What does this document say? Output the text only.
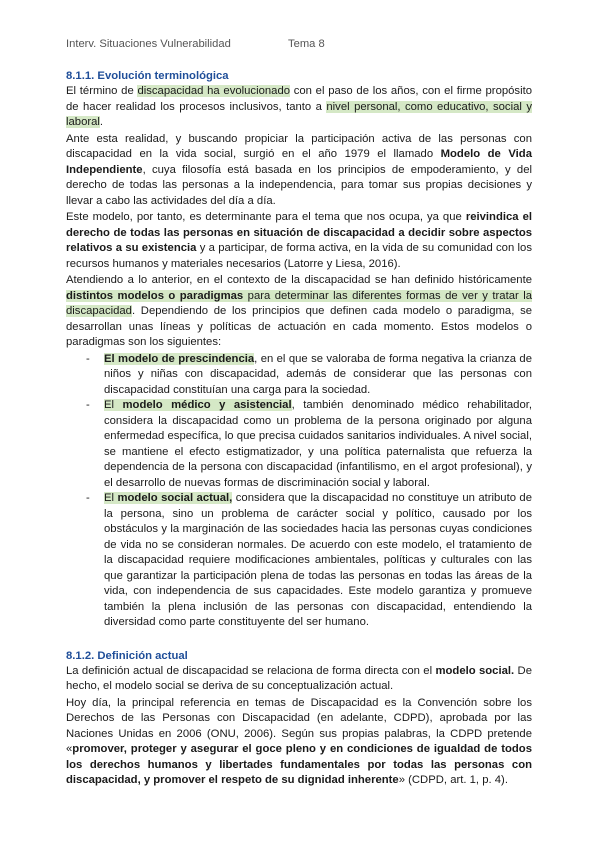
Interv. Situaciones Vulnerabilidad	Tema 8
8.1.1. Evolución terminológica

El término de discapacidad ha evolucionado con el paso de los años, con el firme propósito de hacer realidad los procesos inclusivos, tanto a nivel personal, como educativo, social y laboral.

Ante esta realidad, y buscando propiciar la participación activa de las personas con discapacidad en la vida social, surgió en el año 1979 el llamado Modelo de Vida Independiente, cuya filosofía está basada en los principios de empoderamiento, y del derecho de todas las personas a la independencia, para tomar sus propias decisiones y llevar a cabo las actividades del día a día.

Este modelo, por tanto, es determinante para el tema que nos ocupa, ya que reivindica el derecho de todas las personas en situación de discapacidad a decidir sobre aspectos relativos a su existencia y a participar, de forma activa, en la vida de su comunidad con los recursos humanos y materiales necesarios (Latorre y Liesa, 2016).

Atendiendo a lo anterior, en el contexto de la discapacidad se han definido históricamente distintos modelos o paradigmas para determinar las diferentes formas de ver y tratar la discapacidad. Dependiendo de los principios que definen cada modelo o paradigma, se desarrollan unas líneas y políticas de actuación en cada momento. Estos modelos o paradigmas son los siguientes:

- El modelo de prescindencia, en el que se valoraba de forma negativa la crianza de niños y niñas con discapacidad, además de considerar que las personas con discapacidad constituían una carga para la sociedad.
- El modelo médico y asistencial, también denominado médico rehabilitador, considera la discapacidad como un problema de la persona originado por alguna enfermedad específica, lo que precisa cuidados sanitarios individuales. A nivel social, se mantiene el efecto estigmatizador, y una política paternalista que refuerza la dependencia de la persona con discapacidad (infantilismo, en el argot profesional), y el desarrollo de nuevas formas de discriminación social y laboral.
- El modelo social actual, considera que la discapacidad no constituye un atributo de la persona, sino un problema de carácter social y político, causado por los obstáculos y la marginación de las sociedades hacia las personas cuyas condiciones de vida no se consideran normales. De acuerdo con este modelo, el tratamiento de la discapacidad requiere modificaciones ambientales, políticas y culturales con las que garantizar la participación plena de todas las personas en todas las áreas de la vida, con independencia de sus capacidades. Este modelo garantiza y promueve también la plena inclusión de las personas con discapacidad, entendiendo la diversidad como parte constituyente del ser humano.
8.1.2. Definición actual

La definición actual de discapacidad se relaciona de forma directa con el modelo social. De hecho, el modelo social se deriva de su conceptualización actual.

Hoy día, la principal referencia en temas de Discapacidad es la Convención sobre los Derechos de las Personas con Discapacidad (en adelante, CDPD), aprobada por las Naciones Unidas en 2006 (ONU, 2006). Según sus propias palabras, la CDPD pretende «promover, proteger y asegurar el goce pleno y en condiciones de igualdad de todos los derechos humanos y libertades fundamentales por todas las personas con discapacidad, y promover el respeto de su dignidad inherente» (CDPD, art. 1, p. 4).
